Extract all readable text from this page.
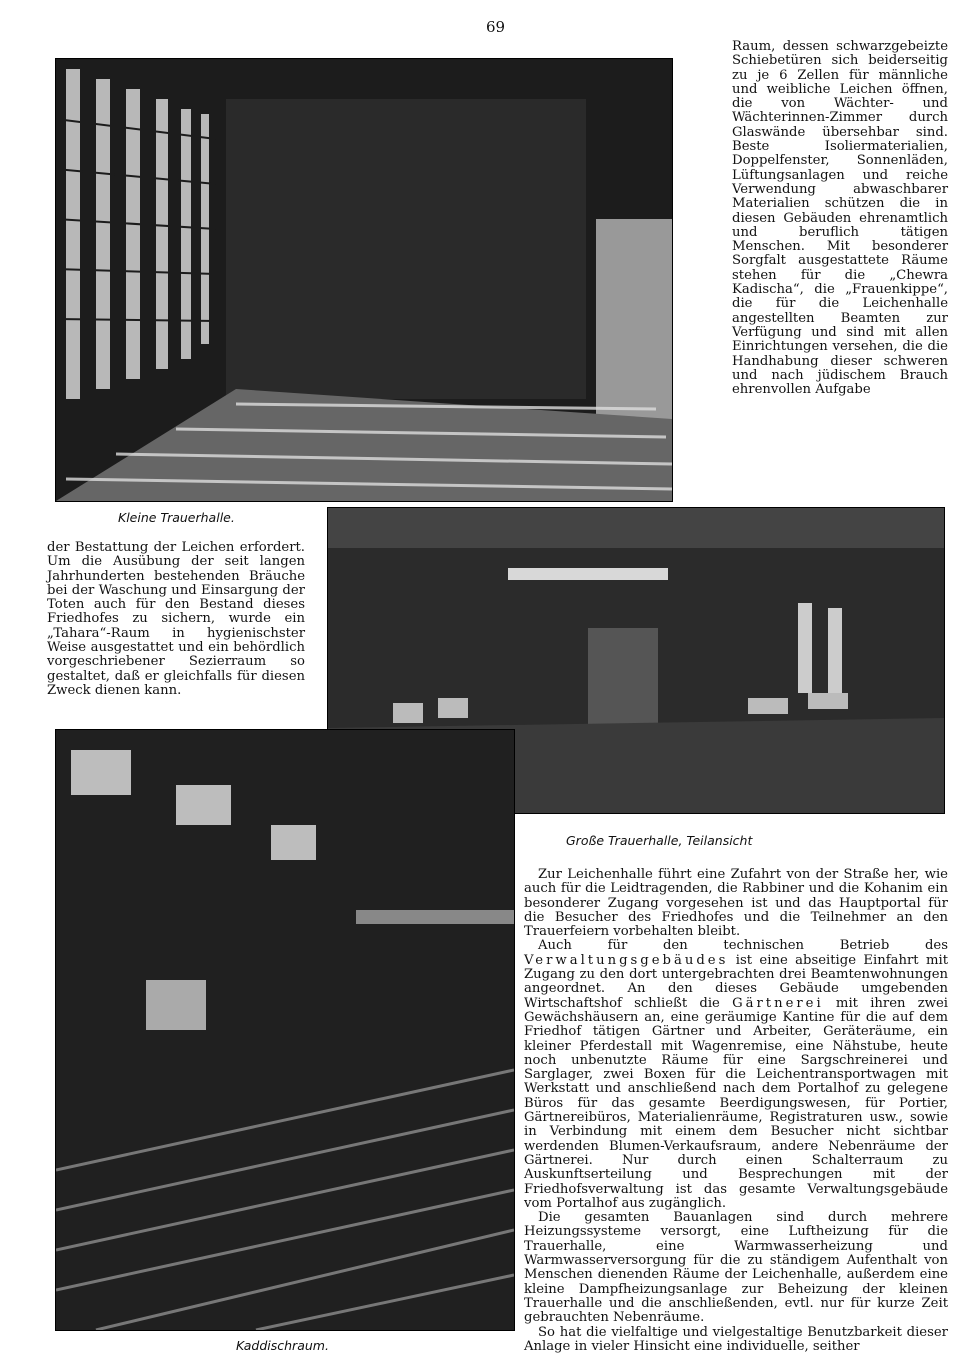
69
Raum, dessen schwarzgebeizte Schiebetüren sich beiderseitig zu je 6 Zellen für männliche und weibliche Leichen öffnen, die von Wächter- und Wächterinnen-Zimmer durch Glaswände übersehbar sind. Beste Isoliermaterialien, Doppelfenster, Sonnenläden, Lüftungsanlagen und reiche Verwendung abwaschbarer Materialien schützen die in diesen Gebäuden ehrenamtlich und beruflich tätigen Menschen. Mit besonderer Sorgfalt ausgestattete Räume stehen für die „Chewra Kadischa“, die „Frauenkippe“, die für die Leichenhalle angestellten Beamten zur Verfügung und sind mit allen Einrichtungen versehen, die die Handhabung dieser schweren und nach jüdischem Brauch ehrenvollen Aufgabe
Kleine Trauerhalle.
der Bestattung der Leichen erfordert. Um die Ausübung der seit langen Jahrhunderten bestehenden Bräuche bei der Waschung und Einsargung der Toten auch für den Bestand dieses Friedhofes zu sichern, wurde ein „Tahara“-Raum in hygienischster Weise ausgestattet und ein behördlich vorgeschriebener Sezierraum so gestaltet, daß er gleichfalls für diesen Zweck dienen kann.
Große Trauerhalle, Teilansicht
Kaddischraum.

Zur Leichenhalle führt eine Zufahrt von der Straße her, wie auch für die Leidtragenden, die Rabbiner und die Kohanim ein besonderer Zugang vorgesehen ist und das Hauptportal für die Besucher des Friedhofes und die Teilnehmer an den Trauerfeiern vorbehalten bleibt.

Auch für den technischen Betrieb des Verwaltungsgebäudes ist eine abseitige Einfahrt mit Zugang zu den dort untergebrachten drei Beamtenwohnungen angeordnet. An den dieses Gebäude umgebenden Wirtschaftshof schließt die Gärtnerei mit ihren zwei Gewächshäusern an, eine geräumige Kantine für die auf dem Friedhof tätigen Gärtner und Arbeiter, Geräteräume, ein kleiner Pferdestall mit Wagenremise, eine Nähstube, heute noch unbenutzte Räume für eine Sargschreinerei und Sarglager, zwei Boxen für die Leichentransportwagen mit Werkstatt und anschließend nach dem Portalhof zu gelegene Büros für das gesamte Beerdigungswesen, für Portier, Gärtnereibüros, Materialienräume, Registraturen usw., sowie in Verbindung mit einem dem Besucher nicht sichtbar werdenden Blumen-Verkaufsraum, andere Nebenräume der Gärtnerei. Nur durch einen Schalterraum zu Auskunftserteilung und Besprechungen mit der Friedhofsverwaltung ist das gesamte Verwaltungsgebäude vom Portalhof aus zugänglich.

Die gesamten Bauanlagen sind durch mehrere Heizungssysteme versorgt, eine Luftheizung für die Trauerhalle, eine Warmwasserheizung und Warmwasserversorgung für die zu ständigem Aufenthalt von Menschen dienenden Räume der Leichenhalle, außerdem eine kleine Dampfheizungsanlage zur Beheizung der kleinen Trauerhalle und die anschließenden, evtl. nur für kurze Zeit gebrauchten Nebenräume.

So hat die vielfaltige und vielgestaltige Benutzbarkeit dieser Anlage in vieler Hinsicht eine individuelle, seither
